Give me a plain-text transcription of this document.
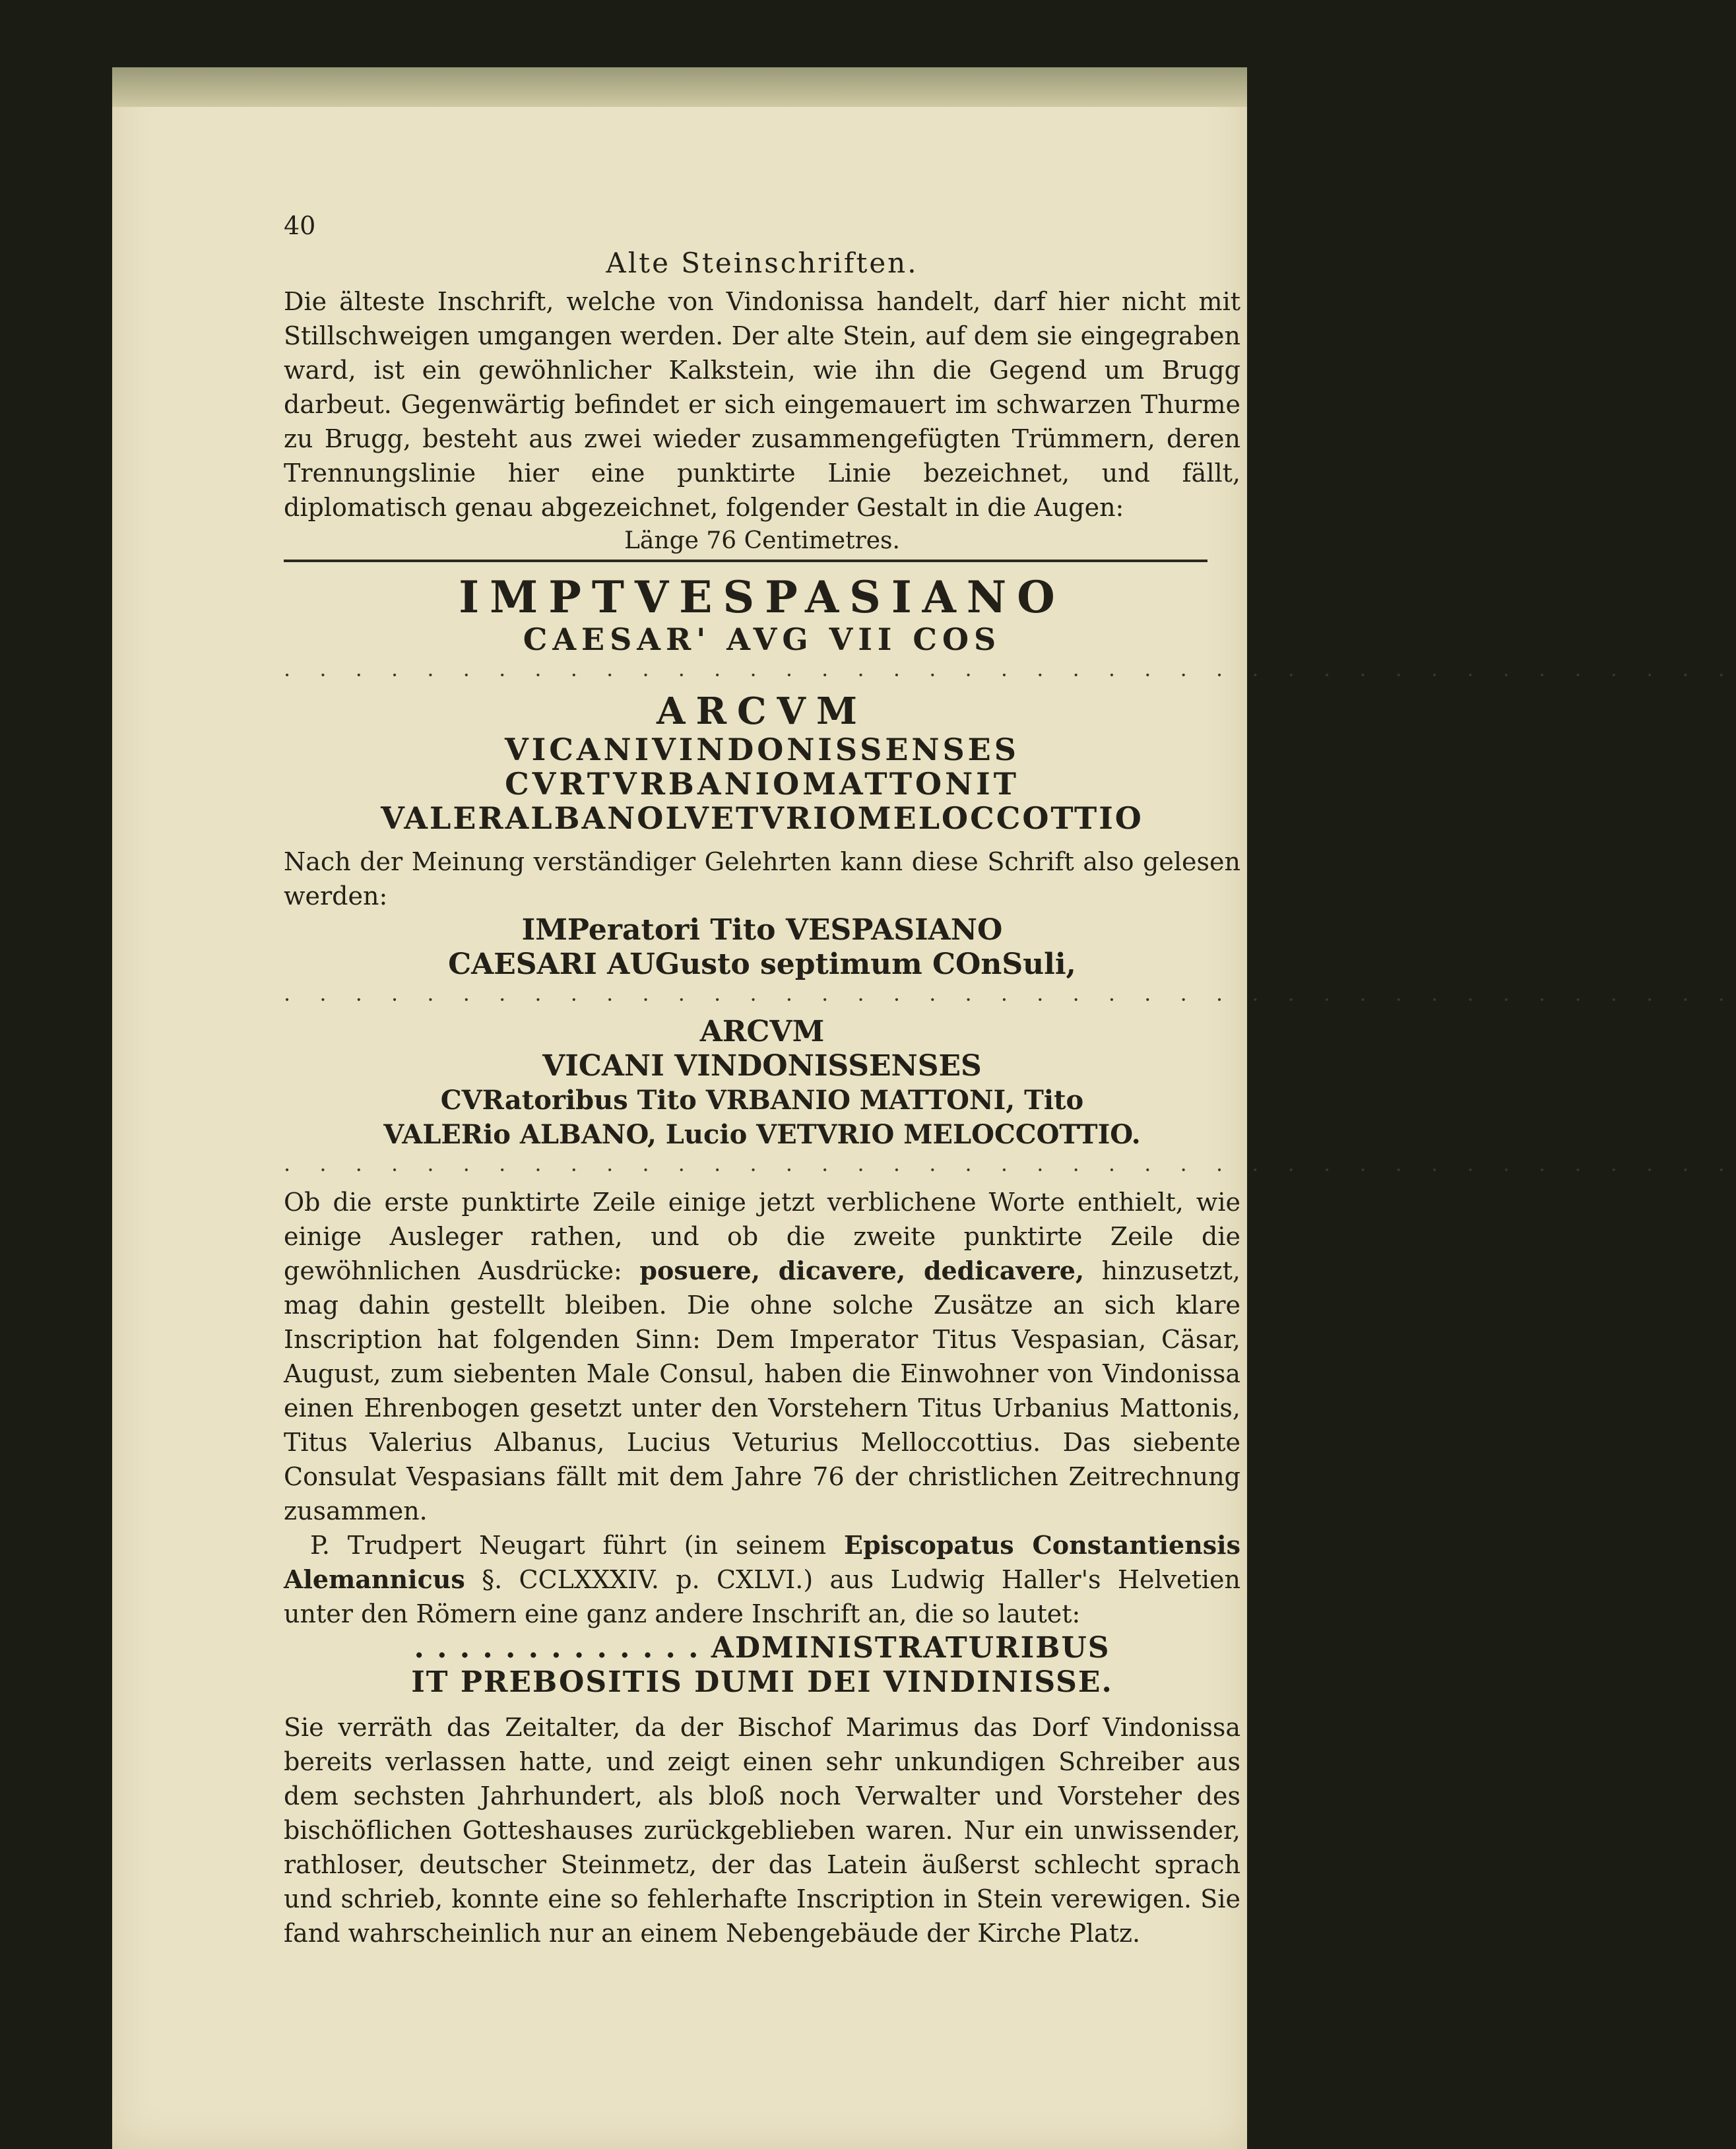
40
Alte Steinschriften.

Die älteste Inschrift, welche von Vindonissa handelt, darf hier nicht mit Stillschweigen umgangen werden. Der alte Stein, auf dem sie eingegraben ward, ist ein gewöhnlicher Kalkstein, wie ihn die Gegend um Brugg darbeut. Gegenwärtig befindet er sich eingemauert im schwarzen Thurme zu Brugg, besteht aus zwei wieder zusammengefügten Trümmern, deren Trennungslinie hier eine punktirte Linie bezeichnet, und fällt, diplomatisch genau abgezeichnet, folgender Gestalt in die Augen:

Länge 76 Centimetres.

IMPTVESPASIANO

CAESAR' AVG VII COS

· · · · · · · · · · · · · · · · · · · · · · · · · · · · · · · · · · · · · · · · ·

ARCVM

VICANIVINDONISSENSES

CVRTVRBANIOMATTONIT

VALERALBANOLVETVRIOMELOCCOTTIO

Nach der Meinung verständiger Gelehrten kann diese Schrift also gelesen werden:

IMPeratori Tito VESPASIANO

CAESARI AUGusto septimum COnSuli,

· · · · · · · · · · · · · · · · · · · · · · · · · · · · · · · · · · · · · · · · ·

ARCVM

VICANI VINDONISSENSES

CVRatoribus Tito VRBANIO MATTONI, Tito

VALERio ALBANO, Lucio VETVRIO MELOCCOTTIO.

· · · · · · · · · · · · · · · · · · · · · · · · · · · · · · · · · · · · · · · · ·

Ob die erste punktirte Zeile einige jetzt verblichene Worte enthielt, wie einige Ausleger rathen, und ob die zweite punktirte Zeile die gewöhnlichen Ausdrücke: posuere, dicavere, dedicavere, hinzusetzt, mag dahin gestellt bleiben. Die ohne solche Zusätze an sich klare Inscription hat folgenden Sinn: Dem Imperator Titus Vespasian, Cäsar, August, zum siebenten Male Consul, haben die Einwohner von Vindonissa einen Ehrenbogen gesetzt unter den Vorstehern Titus Urbanius Mattonis, Titus Valerius Albanus, Lucius Veturius Melloccottius. Das siebente Consulat Vespasians fällt mit dem Jahre 76 der christlichen Zeitrechnung zusammen.

P. Trudpert Neugart führt (in seinem Episcopatus Constantiensis Alemannicus §. CCLXXXIV. p. CXLVI.) aus Ludwig Haller's Helvetien unter den Römern eine ganz andere Inschrift an, die so lautet:

. . . . . . . . . . . . . ADMINISTRATURIBUS

IT PREBOSITIS DUMI DEI VINDINISSE.

Sie verräth das Zeitalter, da der Bischof Marimus das Dorf Vindonissa bereits verlassen hatte, und zeigt einen sehr unkundigen Schreiber aus dem sechsten Jahrhundert, als bloß noch Verwalter und Vorsteher des bischöflichen Gotteshauses zurückgeblieben waren. Nur ein unwissender, rathloser, deutscher Steinmetz, der das Latein äußerst schlecht sprach und schrieb, konnte eine so fehlerhafte Inscription in Stein verewigen. Sie fand wahrscheinlich nur an einem Nebengebäude der Kirche Platz.
